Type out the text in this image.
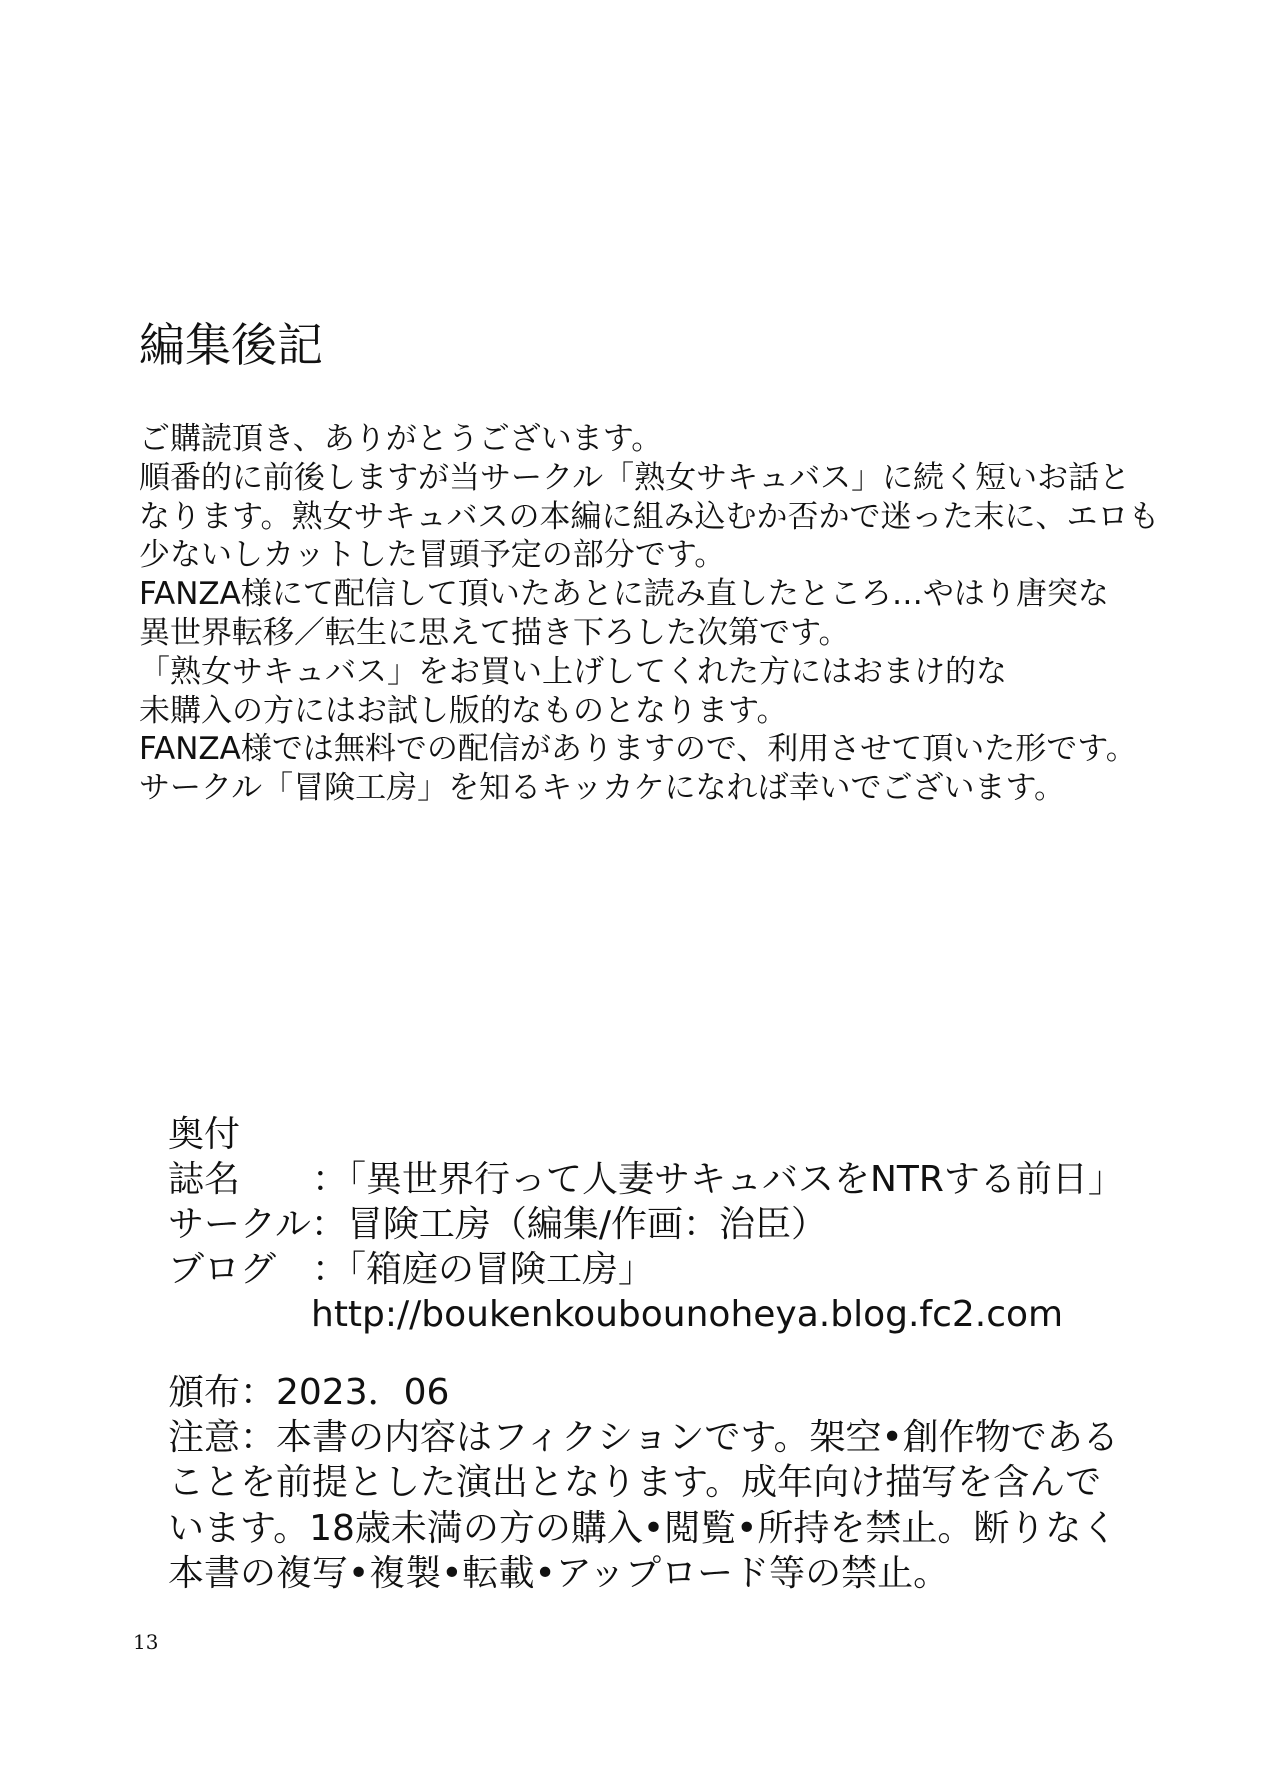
編集後記
ご購読頂き、ありがとうございます。
順番的に前後しますが当サークル「熟女サキュバス」に続く短いお話と
なります。熟女サキュバスの本編に組み込むか否かで迷った末に、エロも
少ないしカットした冒頭予定の部分です。
FANZA様にて配信して頂いたあとに読み直したところ…やはり唐突な
異世界転移／転生に思えて描き下ろした次第です。
「熟女サキュバス」をお買い上げしてくれた方にはおまけ的な
未購入の方にはお試し版的なものとなります。
FANZA様では無料での配信がありますので、利用させて頂いた形です。
サークル「冒険工房」を知るキッカケになれば幸いでございます。
奥付
誌名　　：「異世界行って人妻サキュバスをNTRする前日」
サークル：冒険工房（編集/作画：治臣）
ブログ　：「箱庭の冒険工房」
http://boukenkoubounoheya.blog.fc2.com
頒布：2023．06
注意：本書の内容はフィクションです。架空•創作物である
ことを前提とした演出となります。成年向け描写を含んで
います。18歳未満の方の購入•閲覧•所持を禁止。断りなく
本書の複写•複製•転載•アップロード等の禁止。
13
